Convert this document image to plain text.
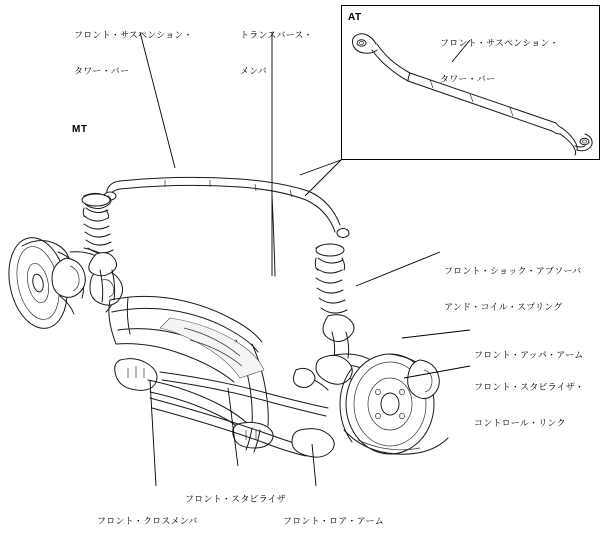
MT
AT

フロント・サスペンション・

タワー・バー

トランスバース・

メンバ

フロント・サスペンション・

タワー・バー

フロント・ショック・アブソーバ

アンド・コイル・スプリング

フロント・アッパ・アーム

フロント・スタビライザ・

コントロール・リンク

フロント・スタビライザ

フロント・ロア・アーム

フロント・クロスメンバ
